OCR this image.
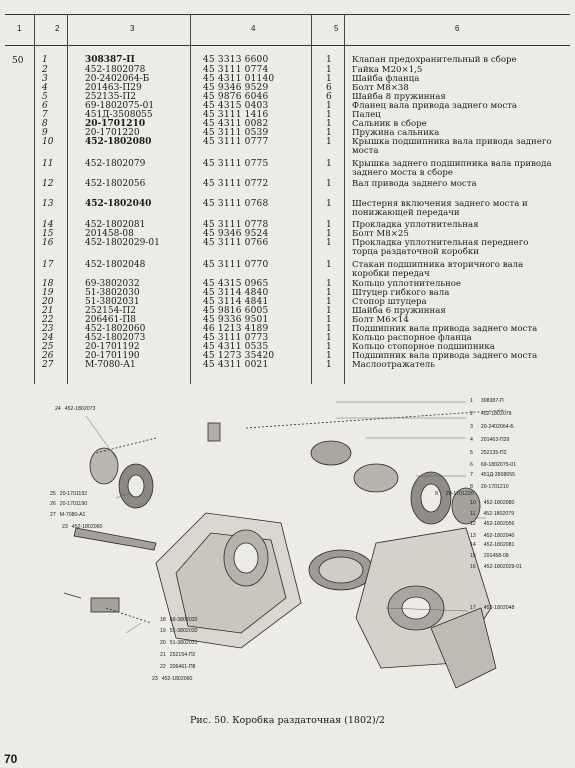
1	2	3	4	5	6
50 1	308387-П	45 3313 6600	1 Клапан предохранительный в сборе
2	452-1802078	45 3111 0774	1 Гайка М20×1,5
3	20-2402064-Б	45 4311 01140	1 Шайба фланца
4	201463-П29	45 9346 9529	6 Болт М8×38
5	252135-П2	45 9876 6046	6 Шайба 8 пружинная
6	69-1802075-01	45 4315 0403	1 Фланец вала привода заднего моста
7	451Д-3508055	45 3111 1416	1 Палец
8	20-1701210	45 4311 0082	1 Сальник в сборе
9	20-1701220	45 3111 0539	1 Пружина сальника
10	452-1802080	45 3111 0777	1 Крышка подшипника вала привода заднего моста
11	452-1802079	45 3111 0775	1 Крышка заднего подшипника вала привода заднего моста в сборе
12	452-1802056	45 3111 0772	1 Вал привода заднего моста
13	452-1802040	45 3111 0768	1 Шестерня включения заднего моста и понижающей передачи
14	452-1802081	45 3111 0778	1 Прокладка уплотнительная
15	201458-08	45 9346 9524	1 Болт М8×25
16	452-1802029-01	45 3111 0766	1 Прокладка уплотнительная переднего торца раздаточной коробки
17	452-1802048	45 3111 0770	1 Стакан подшипника вторичного вала коробки передач
18	69-3802032	45 4315 0965	1 Кольцо уплотнительное
19	51-3802030	45 3114 4840	1 Штуцер гибкого вала
20	51-3802031	45 3114 4841	1 Стопор штуцера
21	252154-П2	45 9816 6005	1 Шайба 6 пружинная
22	206461-П8	45 9336 9501	1 Болт М6×14
23	452-1802060	46 1213 4189	1 Подшипник вала привода заднего моста
24	452-1802073	45 3111 0773	1 Кольцо распорное фланца
25	20-1701192	45 4311 0535	1 Кольцо стопорное подшипника
26	20-1701190	45 1273 35420	1 Подшипник вала привода заднего моста
27	М-7080-А1	45 4311 0021	1 Маслоотражатель
1 308387-П
2 452-1802078
3 20-2402064-Б
4 201463-П29
5 252135-П2
6 69-1802075-01
7 451Д-3508055
8 20-1701210
9 20-1701220
10 452-1802080
11 452-1802079
12 452-1802056
13 452-1802040
14 452-1802081
15 201458-08
16 452-1802029-01
17 452-1802048
24 452-1802073
25 20-1701192
26 20-1701190
27 М-7080-А1
23 452-1802060
18 69-3802032
19 51-3802030
20 51-3802031
21 252154-П2
22 206461-П8
23 452-1802060
Рис. 50. Коробка раздаточная (1802)/2
70
